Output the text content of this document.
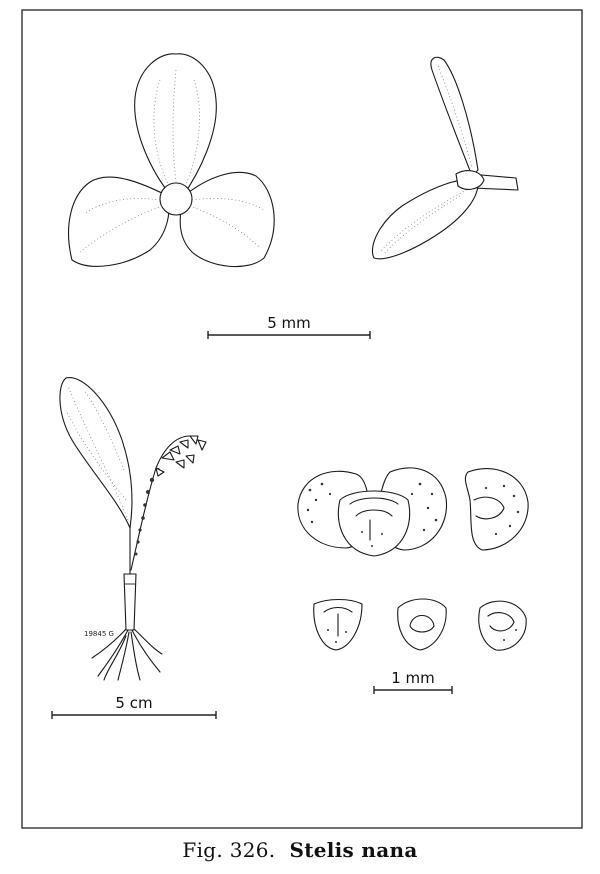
5 mm
19845 G
5 cm
1 mm
Fig. 326. Stelis nana
